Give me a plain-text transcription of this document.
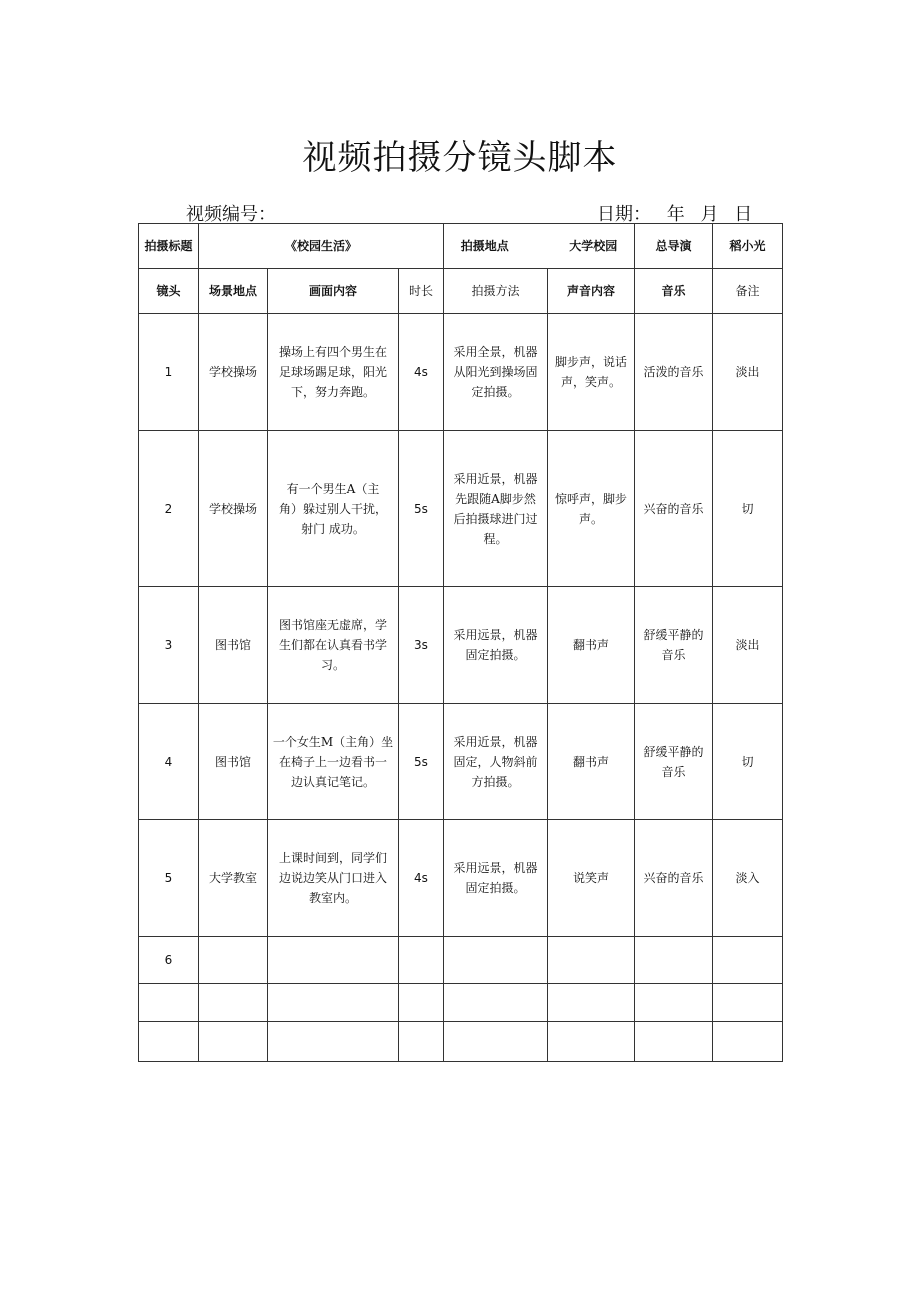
视频拍摄分镜头脚本
视频编号：	日期： 年 月 日
拍摄标题	《校园生活》			拍摄地点 大学校园		总导演	稻小光
镜头	场景地点	画面内容	时长	拍摄方法	声音内容	音乐	备注
1	学校操场	操场上有四个男生在
足球场踢足球，阳光
下，努力奔跑。	4s	采用全景，机器
从阳光到操场固
定拍摄。	脚步声，说话
声，笑声。	活泼的音乐	淡出
2	学校操场	有一个男生A（主
角）躲过别人干扰，
射门 成功。	5s	采用近景，机器
先跟随A脚步然
后拍摄球进门过
程。	惊呼声，脚步
声。	兴奋的音乐	切
3	图书馆	图书馆座无虚席，学
生们都在认真看书学
习。	3s	采用远景，机器
固定拍摄。	翻书声	舒缓平静的
音乐	淡出
4	图书馆	一个女生M（主角）坐
在椅子上一边看书一
边认真记笔记。	5s	采用近景，机器
固定，人物斜前
方拍摄。	翻书声	舒缓平静的
音乐	切
5	大学教室	上课时间到，同学们
边说边笑从门口进入
教室内。	4s	采用远景，机器
固定拍摄。	说笑声	兴奋的音乐	淡入
6							
